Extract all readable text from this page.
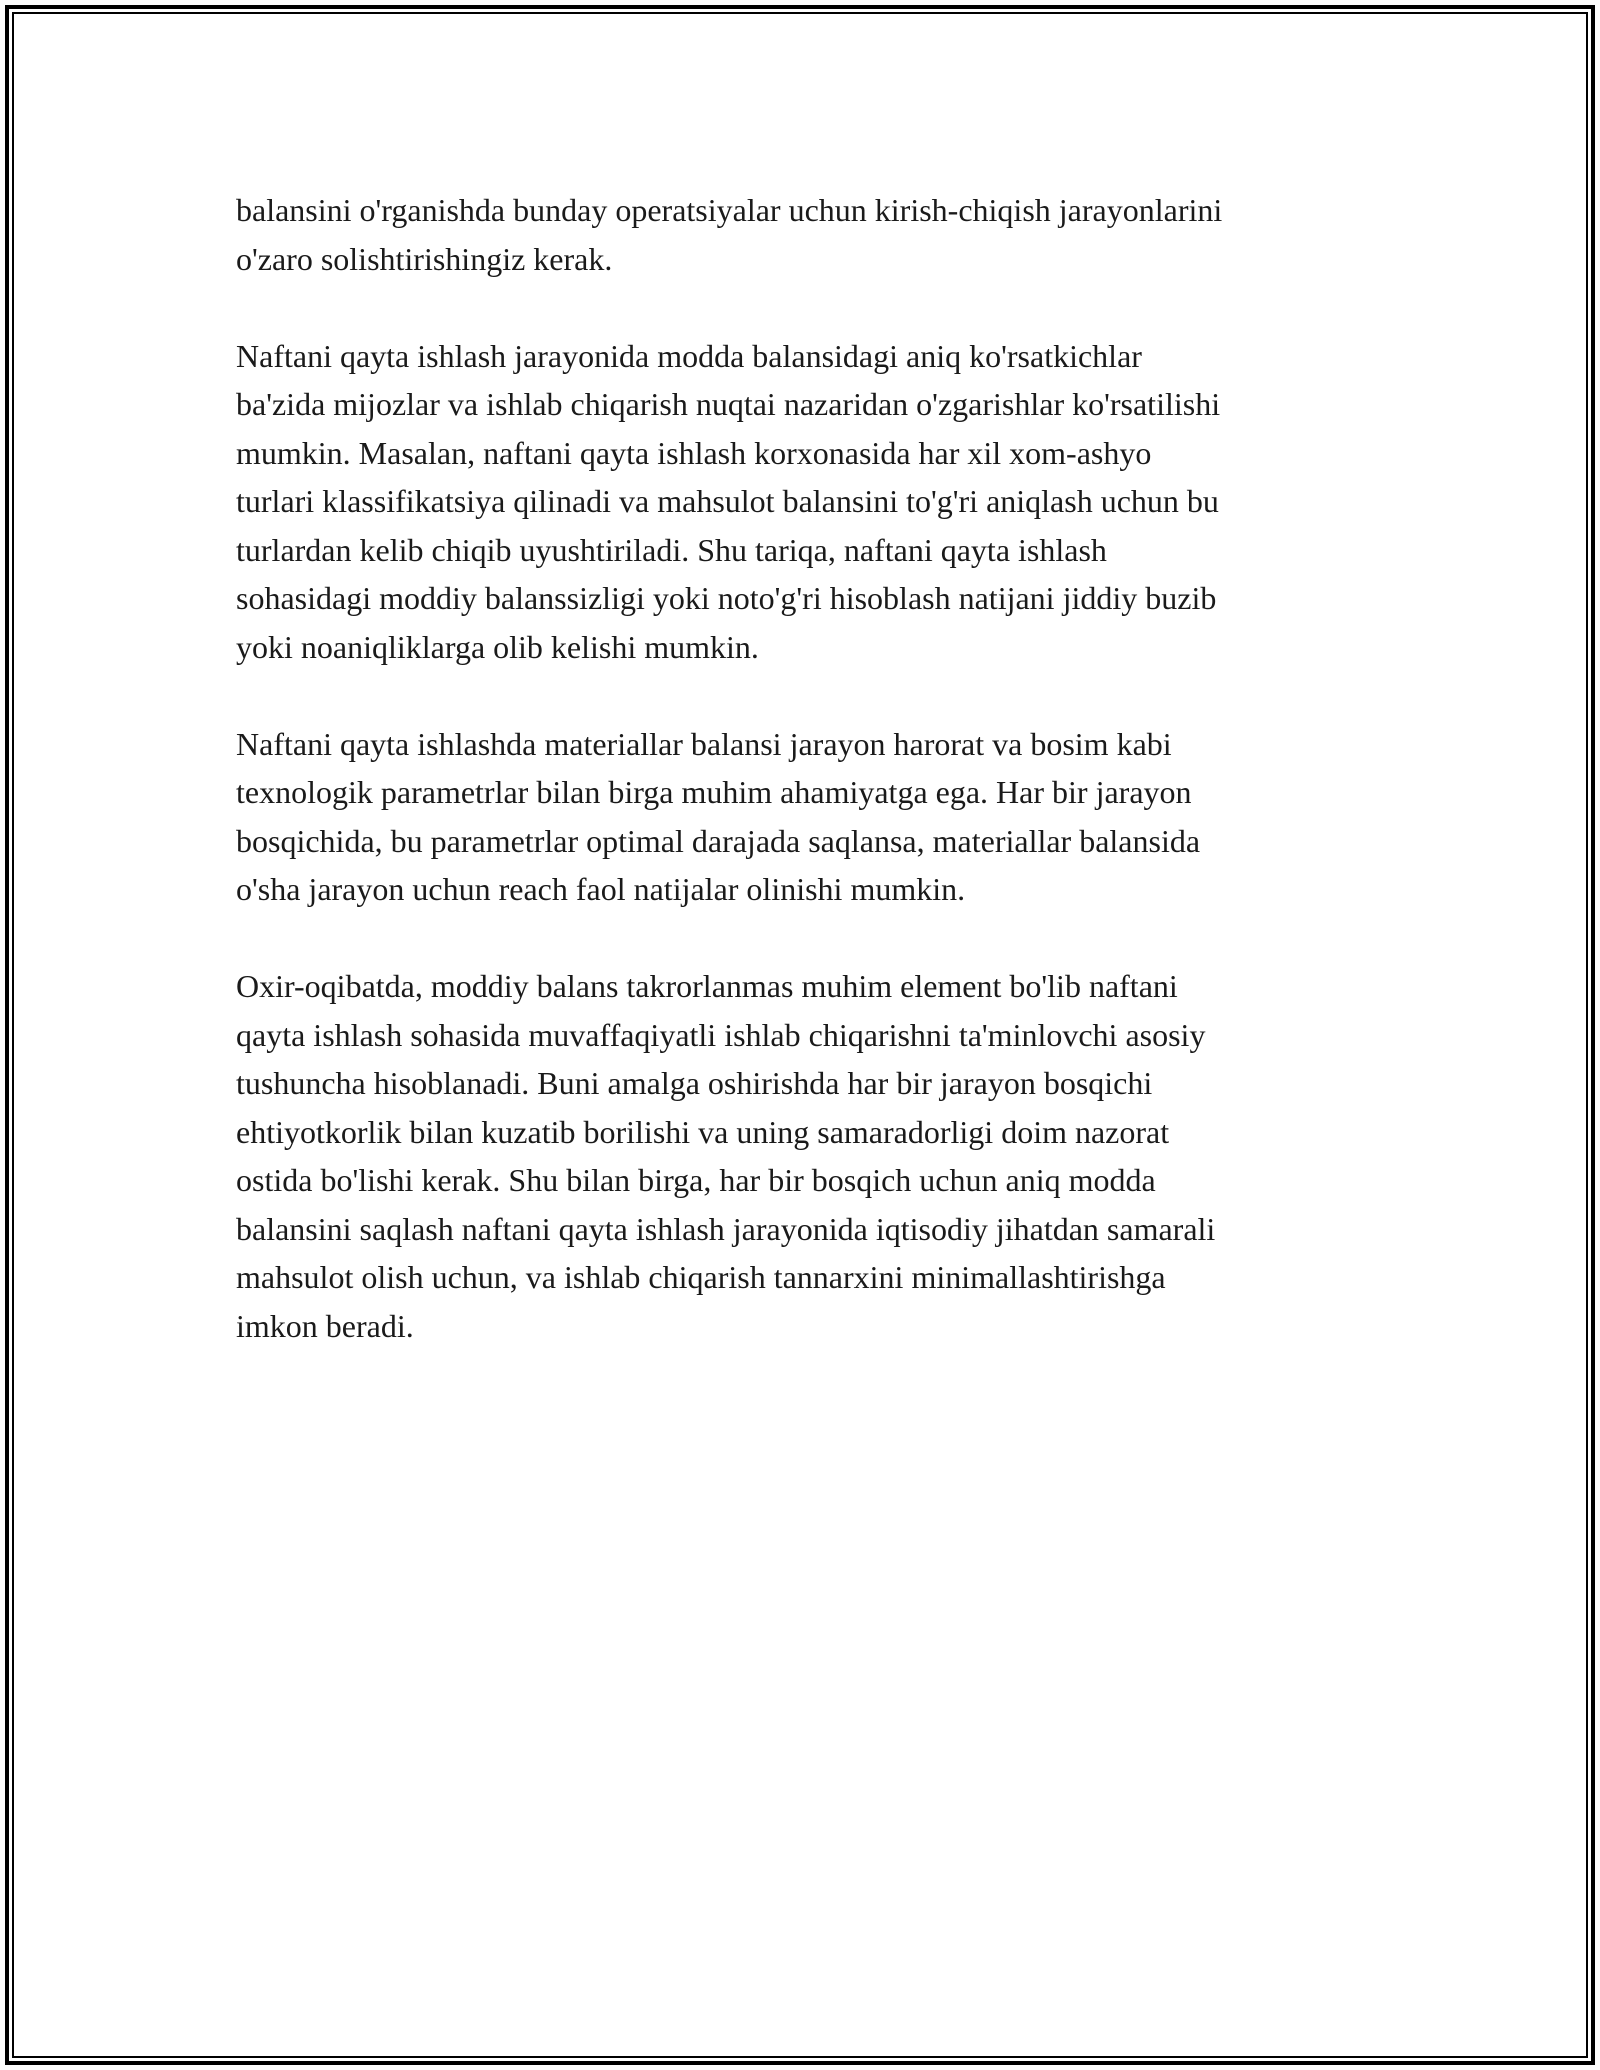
balansini o'rganishda bunday operatsiyalar uchun kirish-chiqish jarayonlarini
o'zaro solishtirishingiz kerak.

Naftani qayta ishlash jarayonida modda balansidagi aniq ko'rsatkichlar
ba'zida mijozlar va ishlab chiqarish nuqtai nazaridan o'zgarishlar ko'rsatilishi
mumkin. Masalan, naftani qayta ishlash korxonasida har xil xom-ashyo
turlari klassifikatsiya qilinadi va mahsulot balansini to'g'ri aniqlash uchun bu
turlardan kelib chiqib uyushtiriladi. Shu tariqa, naftani qayta ishlash
sohasidagi moddiy balanssizligi yoki noto'g'ri hisoblash natijani jiddiy buzib
yoki noaniqliklarga olib kelishi mumkin.

Naftani qayta ishlashda materiallar balansi jarayon harorat va bosim kabi
texnologik parametrlar bilan birga muhim ahamiyatga ega. Har bir jarayon
bosqichida, bu parametrlar optimal darajada saqlansa, materiallar balansida
o'sha jarayon uchun reach faol natijalar olinishi mumkin.

Oxir-oqibatda, moddiy balans takrorlanmas muhim element bo'lib naftani
qayta ishlash sohasida muvaffaqiyatli ishlab chiqarishni ta'minlovchi asosiy
tushuncha hisoblanadi. Buni amalga oshirishda har bir jarayon bosqichi
ehtiyotkorlik bilan kuzatib borilishi va uning samaradorligi doim nazorat
ostida bo'lishi kerak. Shu bilan birga, har bir bosqich uchun aniq modda
balansini saqlash naftani qayta ishlash jarayonida iqtisodiy jihatdan samarali
mahsulot olish uchun, va ishlab chiqarish tannarxini minimallashtirishga
imkon beradi.
